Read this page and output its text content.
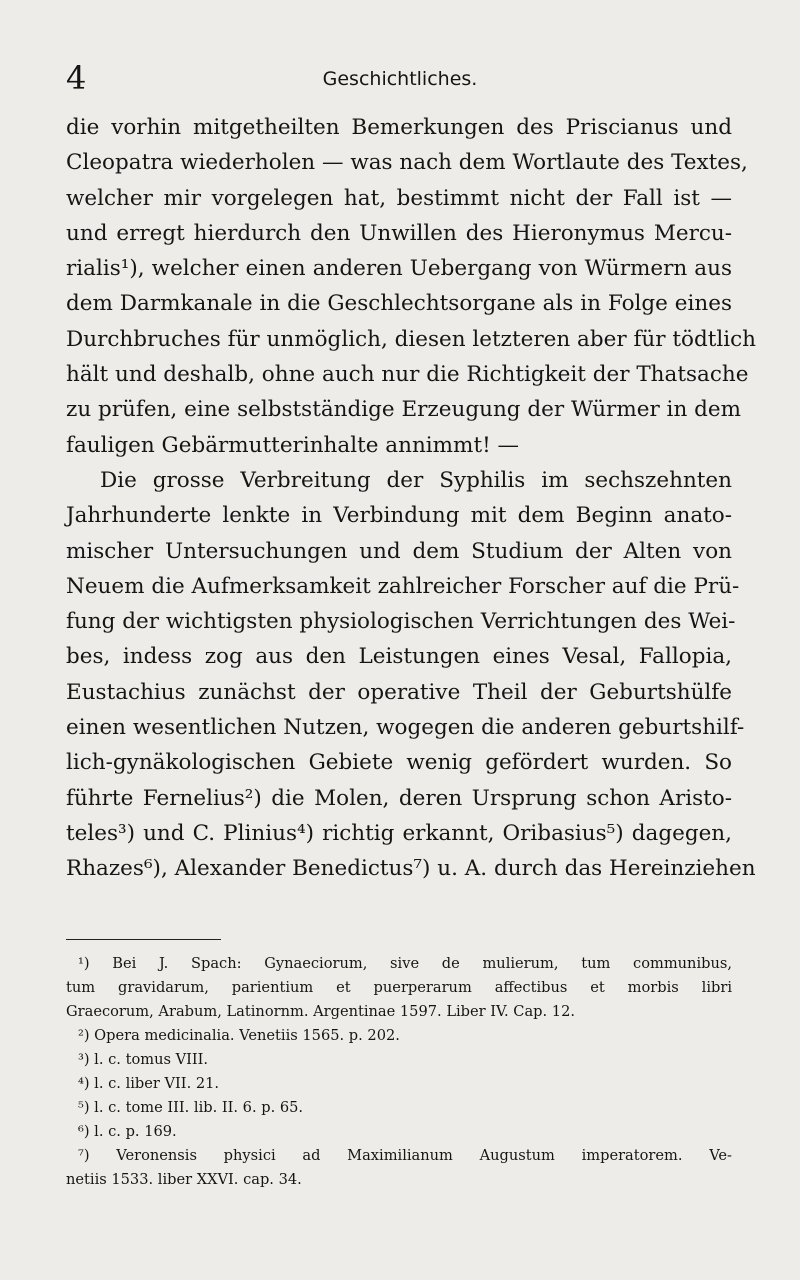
4	Geschichtliches.
die vorhin mitgetheilten Bemerkungen des Priscianus und
Cleopatra wiederholen — was nach dem Wortlaute des Textes,
welcher mir vorgelegen hat, bestimmt nicht der Fall ist —
und erregt hierdurch den Unwillen des Hieronymus Mercu-
rialis¹), welcher einen anderen Uebergang von Würmern aus
dem Darmkanale in die Geschlechtsorgane als in Folge eines
Durchbruches für unmöglich, diesen letzteren aber für tödtlich
hält und deshalb, ohne auch nur die Richtigkeit der Thatsache
zu prüfen, eine selbstständige Erzeugung der Würmer in dem
fauligen Gebärmutterinhalte annimmt! —
Die grosse Verbreitung der Syphilis im sechszehnten
Jahrhunderte lenkte in Verbindung mit dem Beginn anato-
mischer Untersuchungen und dem Studium der Alten von
Neuem die Aufmerksamkeit zahlreicher Forscher auf die Prü-
fung der wichtigsten physiologischen Verrichtungen des Wei-
bes, indess zog aus den Leistungen eines Vesal, Fallopia,
Eustachius zunächst der operative Theil der Geburtshülfe
einen wesentlichen Nutzen, wogegen die anderen geburtshilf-
lich-gynäkologischen Gebiete wenig gefördert wurden. So
führte Fernelius²) die Molen, deren Ursprung schon Aristo-
teles³) und C. Plinius⁴) richtig erkannt, Oribasius⁵) dagegen,
Rhazes⁶), Alexander Benedictus⁷) u. A. durch das Hereinziehen
¹) Bei J. Spach: Gynaeciorum, sive de mulierum, tum communibus,
tum gravidarum, parientium et puerperarum affectibus et morbis libri
Graecorum, Arabum, Latinornm. Argentinae 1597. Liber IV. Cap. 12.
²) Opera medicinalia. Venetiis 1565. p. 202.
³) l. c. tomus VIII.
⁴) l. c. liber VII. 21.
⁵) l. c. tome III. lib. II. 6. p. 65.
⁶) l. c. p. 169.
⁷) Veronensis physici ad Maximilianum Augustum imperatorem. Ve-
netiis 1533. liber XXVI. cap. 34.
